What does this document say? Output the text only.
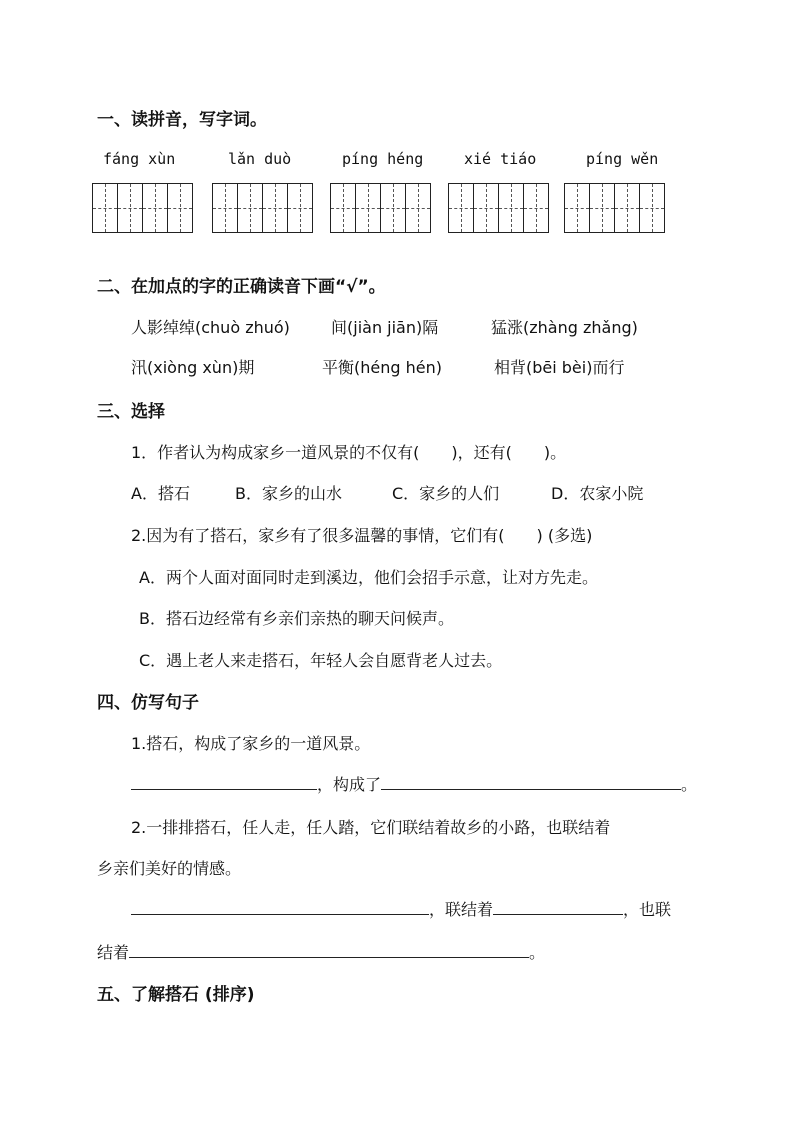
一、读拼音，写字词。
fáng xùn	lǎn duò	píng héng	xié tiáo	píng wěn
二、在加点的字的正确读音下画“√”。
人影绰绰(chuò zhuó)	间(jiàn jiān)隔	猛涨(zhàng zhǎng)
汛(xiòng xùn)期	平衡(héng hén)	相背(bēi bèi)而行
三、选择
1．作者认为构成家乡一道风景的不仅有(　　)，还有(　　)。
A．搭石	B．家乡的山水	C．家乡的人们	D．农家小院
2.因为有了搭石，家乡有了很多温馨的事情，它们有(　　) (多选)
A．两个人面对面同时走到溪边，他们会招手示意，让对方先走。
B．搭石边经常有乡亲们亲热的聊天问候声。
C．遇上老人来走搭石，年轻人会自愿背老人过去。
四、仿写句子
1.搭石，构成了家乡的一道风景。
，构成了	。
2.一排排搭石，任人走，任人踏，它们联结着故乡的小路，也联结着
乡亲们美好的情感。
，联结着	，也联
结着	。
五、了解搭石 (排序)
